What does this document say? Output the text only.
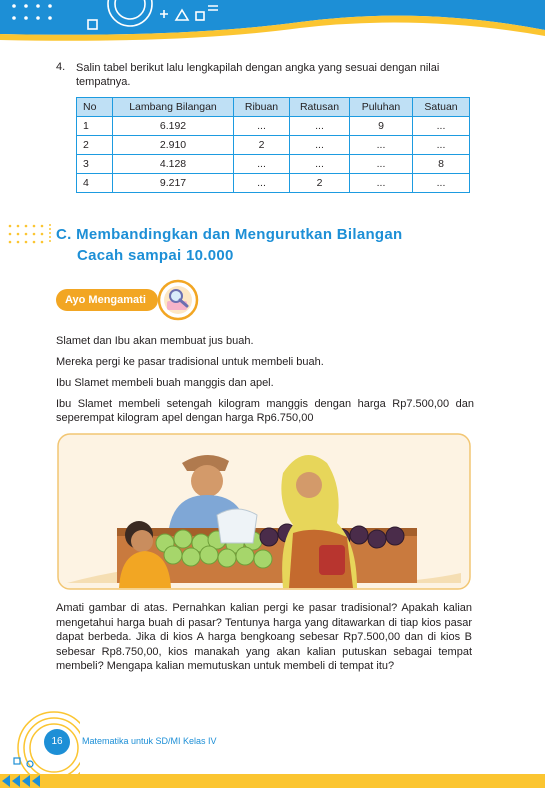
4. Salin tabel berikut lalu lengkapilah dengan angka yang sesuai dengan nilai tempatnya.
No	Lambang Bilangan	Ribuan	Ratusan	Puluhan	Satuan
1	6.192	...	...	9	...
2	2.910	2	...	...	...
3	4.128	...	...	...	8
4	9.217	...	2	...	...
C. Membandingkan dan Mengurutkan Bilangan
Cacah sampai 10.000
Ayo Mengamati
Slamet dan Ibu akan membuat jus buah.
Mereka pergi ke pasar tradisional untuk membeli buah.
Ibu Slamet membeli buah manggis dan apel.
Ibu Slamet membeli setengah kilogram manggis dengan harga Rp7.500,00 dan seperempat kilogram apel dengan harga Rp6.750,00
Amati gambar di atas. Pernahkan kalian pergi ke pasar tradisional? Apakah kalian mengetahui harga buah di pasar? Tentunya harga yang ditawarkan di tiap kios pasar dapat berbeda. Jika di kios A harga bengkoang sebesar Rp7.500,00 dan di kios B sebesar Rp8.750,00, kios manakah yang akan kalian putuskan sebagai tempat membeli? Mengapa kalian memutuskan untuk membeli di tempat itu?
16	Matematika untuk SD/MI Kelas IV
